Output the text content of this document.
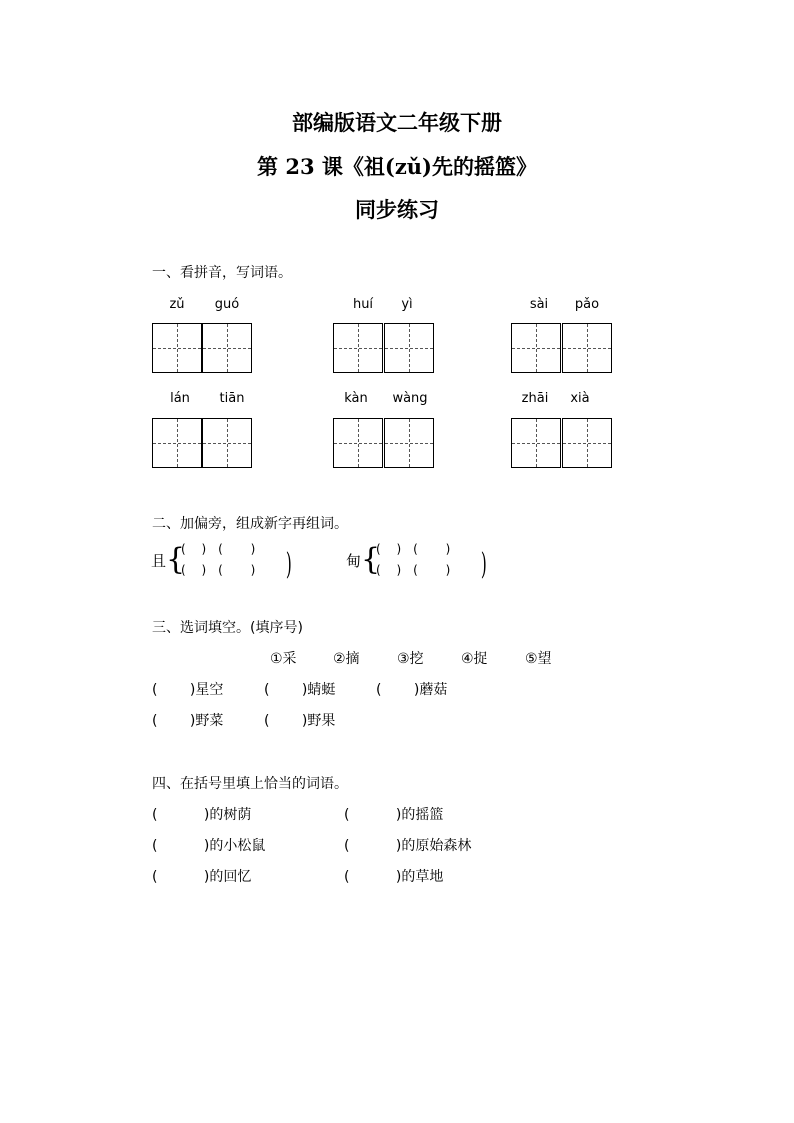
部编版语文二年级下册
第 23 课《祖(zǔ)先的摇篮》
同步练习
一、看拼音，写词语。
zǔ	guó	huí	yì	sài	pǎo
lán	tiān	kàn	wàng	zhāi	xià
二、加偏旁，组成新字再组词。
且 {
(　 )　(　　 )
(　 )　(　　 ) )	甸 {
(　 )　(　　 )
(　 )　(　　 ) )
三、选词填空。(填序号)
①采	②摘	③挖	④捉	⑤望
(　　 )星空	(　　 )蜻蜓	(　　 )蘑菇
(　　 )野菜	(　　 )野果
四、在括号里填上恰当的词语。
(　　　 )的树荫	(　　　 )的摇篮
(　　　 )的小松鼠	(　　　 )的原始森林
(　　　 )的回忆	(　　　 )的草地
